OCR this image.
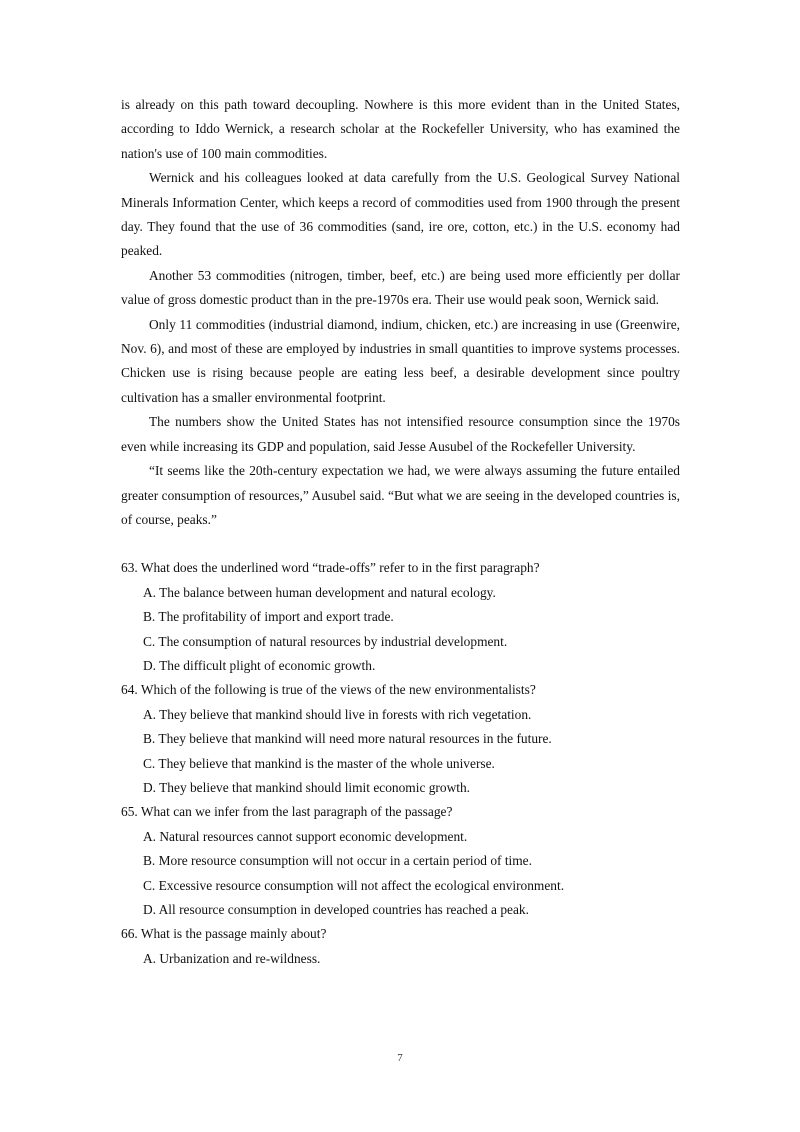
is already on this path toward decoupling. Nowhere is this more evident than in the United States, according to Iddo Wernick, a research scholar at the Rockefeller University, who has examined the nation's use of 100 main commodities.

Wernick and his colleagues looked at data carefully from the U.S. Geological Survey National Minerals Information Center, which keeps a record of commodities used from 1900 through the present day. They found that the use of 36 commodities (sand, ire ore, cotton, etc.) in the U.S. economy had peaked.

Another 53 commodities (nitrogen, timber, beef, etc.) are being used more efficiently per dollar value of gross domestic product than in the pre-1970s era. Their use would peak soon, Wernick said.

Only 11 commodities (industrial diamond, indium, chicken, etc.) are increasing in use (Greenwire, Nov. 6), and most of these are employed by industries in small quantities to improve systems processes. Chicken use is rising because people are eating less beef, a desirable development since poultry cultivation has a smaller environmental footprint.

The numbers show the United States has not intensified resource consumption since the 1970s even while increasing its GDP and population, said Jesse Ausubel of the Rockefeller University.

“It seems like the 20th-century expectation we had, we were always assuming the future entailed greater consumption of resources,” Ausubel said. “But what we are seeing in the developed countries is, of course, peaks.”

63. What does the underlined word “trade-offs” refer to in the first paragraph?

A. The balance between human development and natural ecology.

B. The profitability of import and export trade.

C. The consumption of natural resources by industrial development.

D. The difficult plight of economic growth.

64. Which of the following is true of the views of the new environmentalists?

A. They believe that mankind should live in forests with rich vegetation.

B. They believe that mankind will need more natural resources in the future.

C. They believe that mankind is the master of the whole universe.

D. They believe that mankind should limit economic growth.

65. What can we infer from the last paragraph of the passage?

A. Natural resources cannot support economic development.

B. More resource consumption will not occur in a certain period of time.

C. Excessive resource consumption will not affect the ecological environment.

D. All resource consumption in developed countries has reached a peak.

66. What is the passage mainly about?

A. Urbanization and re-wildness.

7
